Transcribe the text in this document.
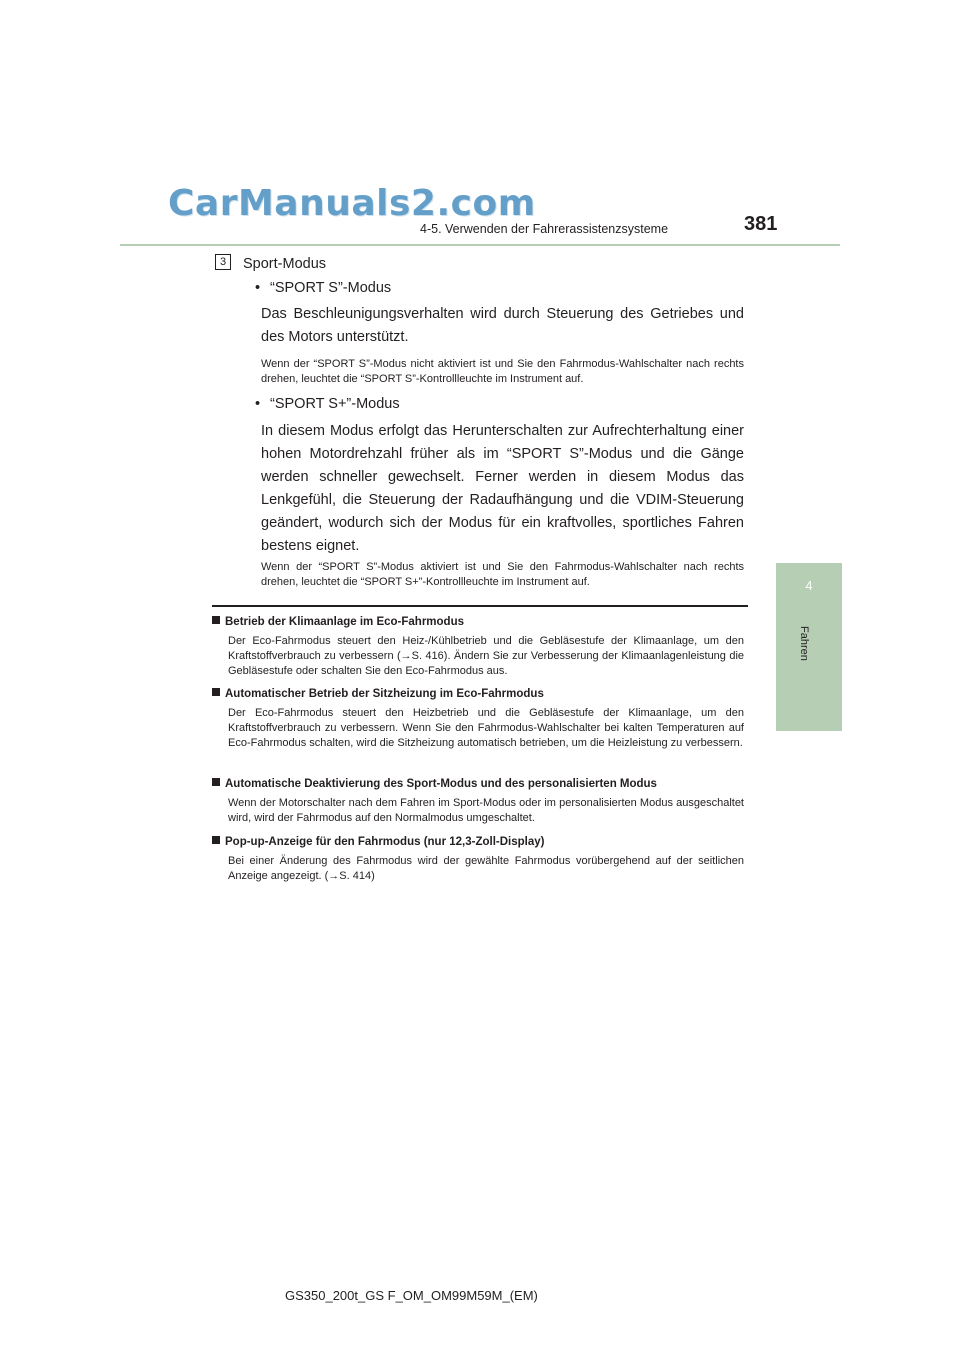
CarManuals2.com
4-5. Verwenden der Fahrerassistenzsysteme	381
4
Fahren
3	Sport-Modus
• “SPORT S”-Modus
Das Beschleunigungsverhalten wird durch Steuerung des Getriebes und des Motors unterstützt.
Wenn der “SPORT S”-Modus nicht aktiviert ist und Sie den Fahrmodus-Wahlschalter nach rechts drehen, leuchtet die “SPORT S”-Kontrollleuchte im Instrument auf.
• “SPORT S+”-Modus
In diesem Modus erfolgt das Herunterschalten zur Aufrechterhaltung einer hohen Motordrehzahl früher als im “SPORT S”-Modus und die Gänge werden schneller gewechselt. Ferner werden in diesem Modus das Lenkgefühl, die Steuerung der Radaufhängung und die VDIM-Steuerung geändert, wodurch sich der Modus für ein kraftvolles, sportliches Fahren bestens eignet.
Wenn der “SPORT S”-Modus aktiviert ist und Sie den Fahrmodus-Wahlschalter nach rechts drehen, leuchtet die “SPORT S+”-Kontrollleuchte im Instrument auf.
Betrieb der Klimaanlage im Eco-Fahrmodus
Der Eco-Fahrmodus steuert den Heiz-/Kühlbetrieb und die Gebläsestufe der Klimaanlage, um den Kraftstoffverbrauch zu verbessern (→S. 416). Ändern Sie zur Verbesserung der Klimaanlagenleistung die Gebläsestufe oder schalten Sie den Eco-Fahrmodus aus.
Automatischer Betrieb der Sitzheizung im Eco-Fahrmodus
Der Eco-Fahrmodus steuert den Heizbetrieb und die Gebläsestufe der Klimaanlage, um den Kraftstoffverbrauch zu verbessern. Wenn Sie den Fahrmodus-Wahlschalter bei kalten Temperaturen auf Eco-Fahrmodus schalten, wird die Sitzheizung automatisch betrieben, um die Heizleistung zu verbessern.
Automatische Deaktivierung des Sport-Modus und des personalisierten Modus
Wenn der Motorschalter nach dem Fahren im Sport-Modus oder im personalisierten Modus ausgeschaltet wird, wird der Fahrmodus auf den Normalmodus umgeschaltet.
Pop-up-Anzeige für den Fahrmodus (nur 12,3-Zoll-Display)
Bei einer Änderung des Fahrmodus wird der gewählte Fahrmodus vorübergehend auf der seitlichen Anzeige angezeigt. (→S. 414)
GS350_200t_GS F_OM_OM99M59M_(EM)
